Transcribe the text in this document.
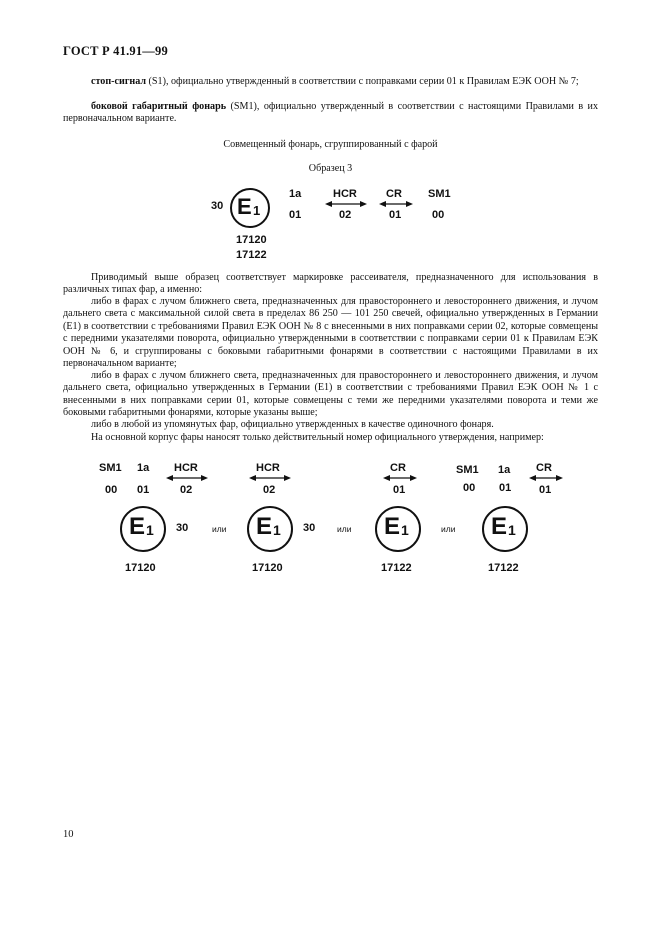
ГОСТ Р 41.91—99

стоп-сигнал (S1), официально утвержденный в соответствии с поправками серии 01 к Правилам ЕЭК ООН № 7;

боковой габаритный фонарь (SM1), официально утвержденный в соответствии с настоящими Правилами в их первоначальном варианте.

Совмещенный фонарь, сгруппированный с фарой
Образец 3
30 E 1
1a	HCR	CR SM1
01	02	01	00
17120
17122

Приводимый выше образец соответствует маркировке рассеивателя, предназначенного для использования в различных типах фар, а именно:

либо в фарах с лучом ближнего света, предназначенных для правостороннего и левостороннего движения, и лучом дальнего света с максимальной силой света в пределах 86 250 — 101 250 свечей, официально утвержденных в Германии (E1) в соответствии с требованиями Правил ЕЭК ООН № 8 с внесенными в них поправками серии 02, которые совмещены с передними указателями поворота, официально утвержденными в соответствии с поправками серии 01 к Правилам ЕЭК ООН № 6, и сгруппированы с боковыми габаритными фонарями в соответствии с настоящими Правилами в их первоначальном варианте;

либо в фарах с лучом ближнего света, предназначенных для правостороннего и левостороннего движения, и лучом дальнего света, официально утвержденных в Германии (E1) в соответствии с требованиями Правил ЕЭК ООН № 1 с внесенными в них поправками серии 01, которые совмещены с теми же передними указателями поворота и теми же боковыми габаритными фонарями, которые указаны выше;

либо в любой из упомянутых фар, официально утвержденных в качестве одиночного фонаря.

На основной корпус фары наносят только действительный номер официального утверждения, например:

SM1 1a HCR
00 01	02
E 1 30
17120
или
HCR
02
E 1 30
17120
или
CR
01
E 1
17122
или
SM1 1a CR
00 01	01
E 1
17122
10
